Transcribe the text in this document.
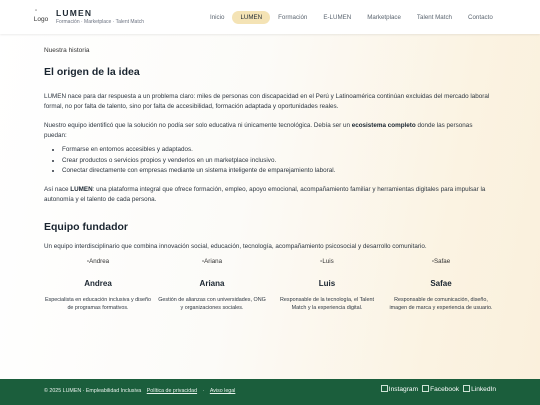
▫
Logo
LUMEN
Formación · Marketplace · Talent Match
Inicio	LUMEN	Formación	E-LUMEN	Marketplace	Talent Match	Contacto
Nuestra historia
El origen de la idea

LUMEN nace para dar respuesta a un problema claro: miles de personas con discapacidad en el Perú y Latinoamérica continúan excluidas del mercado laboral formal, no por falta de talento, sino por falta de accesibilidad, formación adaptada y oportunidades reales.

Nuestro equipo identificó que la solución no podía ser solo educativa ni únicamente tecnológica. Debía ser un ecosistema completo donde las personas puedan:

• Formarse en entornos accesibles y adaptados.
• Crear productos o servicios propios y venderlos en un marketplace inclusivo.
• Conectar directamente con empresas mediante un sistema inteligente de emparejamiento laboral.

Así nace LUMEN: una plataforma integral que ofrece formación, empleo, apoyo emocional, acompañamiento familiar y herramientas digitales para impulsar la autonomía y el talento de cada persona.

Equipo fundador
Un equipo interdisciplinario que combina innovación social, educación, tecnología, acompañamiento psicosocial y desarrollo comunitario.
▫Andrea
Andrea
Especialista en educación inclusiva y diseño de programas formativos.
▫Ariana
Ariana
Gestión de alianzas con universidades, ONG y organizaciones sociales.
▫Luis
Luis
Responsable de la tecnología, el Talent Match y la experiencia digital.
▫Safae
Safae
Responsable de comunicación, diseño, imagen de marca y experiencia de usuario.
© 2025 LUMEN · Empleabilidad Inclusiva Política de privacidad · Aviso legal	Instagram	Facebook	LinkedIn
